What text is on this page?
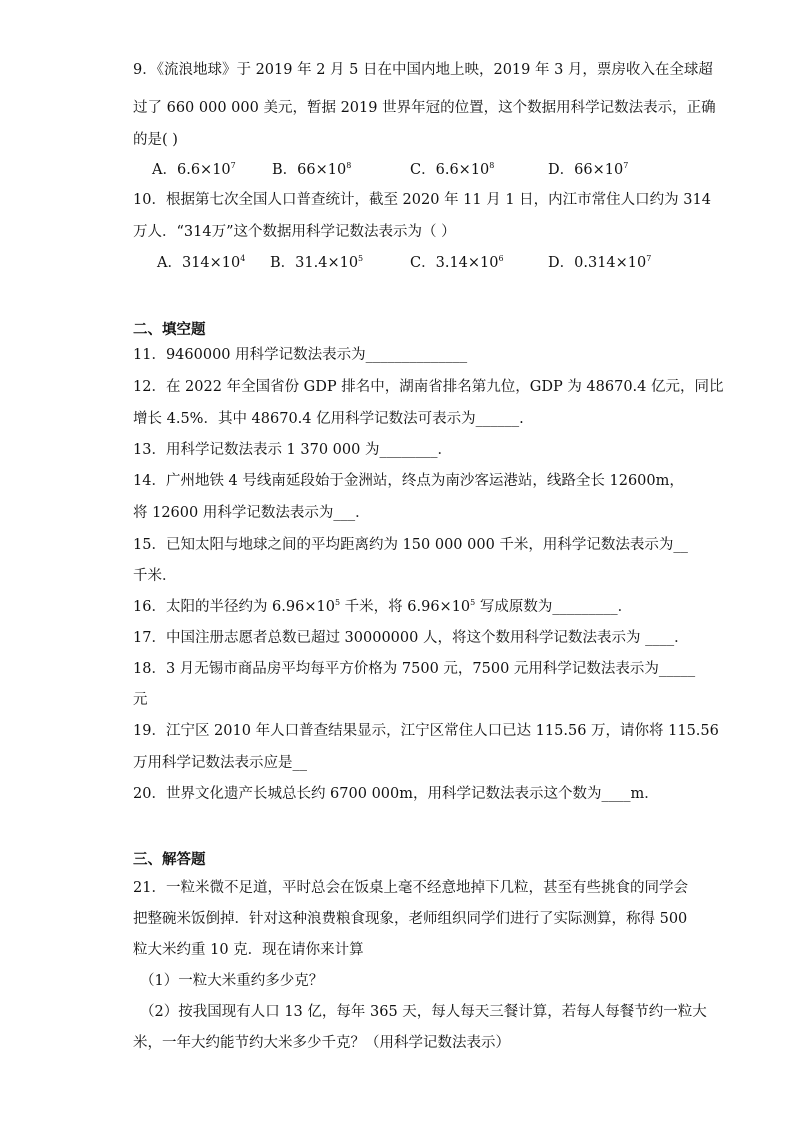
9．《流浪地球》于 2019 年 2 月 5 日在中国内地上映，2019 年 3 月，票房收入在全球超
过了 660 000 000 美元，暂据 2019 世界年冠的位置，这个数据用科学记数法表示，正确
的是( )
A．$6.6\times 10^7$	B．$66\times 10^8$	C．$6.6\times 10^8$	D．$66\times 10^7$
10．根据第七次全国人口普查统计，截至 2020 年 11 月 1 日，内江市常住人口约为 314
万人．“314万”这个数据用科学记数法表示为（ ）
A．$314\times 10^4$ B．$31.4\times 10^5$	C．$3.14\times 10^6$	D．$0.314\times 10^7$
二、填空题
11．9460000 用科学记数法表示为______________
12．在 2022 年全国省份 GDP 排名中，湖南省排名第九位，GDP 为 48670.4 亿元，同比
增长 4.5%．其中 48670.4 亿用科学记数法可表示为______.
13．用科学记数法表示 1 370 000 为________．
14．广州地铁 4 号线南延段始于金洲站，终点为南沙客运港站，线路全长 12600m，
将 12600 用科学记数法表示为___．
15．已知太阳与地球之间的平均距离约为 150 000 000 千米，用科学记数法表示为__
千米．
16．太阳的半径约为 $6.96\times 10^5$ 千米，将 $6.96\times 10^5$ 写成原数为_________．
17．中国注册志愿者总数已超过 30000000 人，将这个数用科学记数法表示为 ____．
18．3 月无锡市商品房平均每平方价格为 7500 元，7500 元用科学记数法表示为_____
元
19．江宁区 2010 年人口普查结果显示，江宁区常住人口已达 115.56 万，请你将 115.56
万用科学记数法表示应是__
20．世界文化遗产长城总长约 6700 000m，用科学记数法表示这个数为____m．
三、解答题
21．一粒米微不足道，平时总会在饭桌上毫不经意地掉下几粒，甚至有些挑食的同学会
把整碗米饭倒掉．针对这种浪费粮食现象，老师组织同学们进行了实际测算，称得 500
粒大米约重 10 克．现在请你来计算
（1）一粒大米重约多少克？
（2）按我国现有人口 13 亿，每年 365 天，每人每天三餐计算，若每人每餐节约一粒大
米，一年大约能节约大米多少千克？（用科学记数法表示）
